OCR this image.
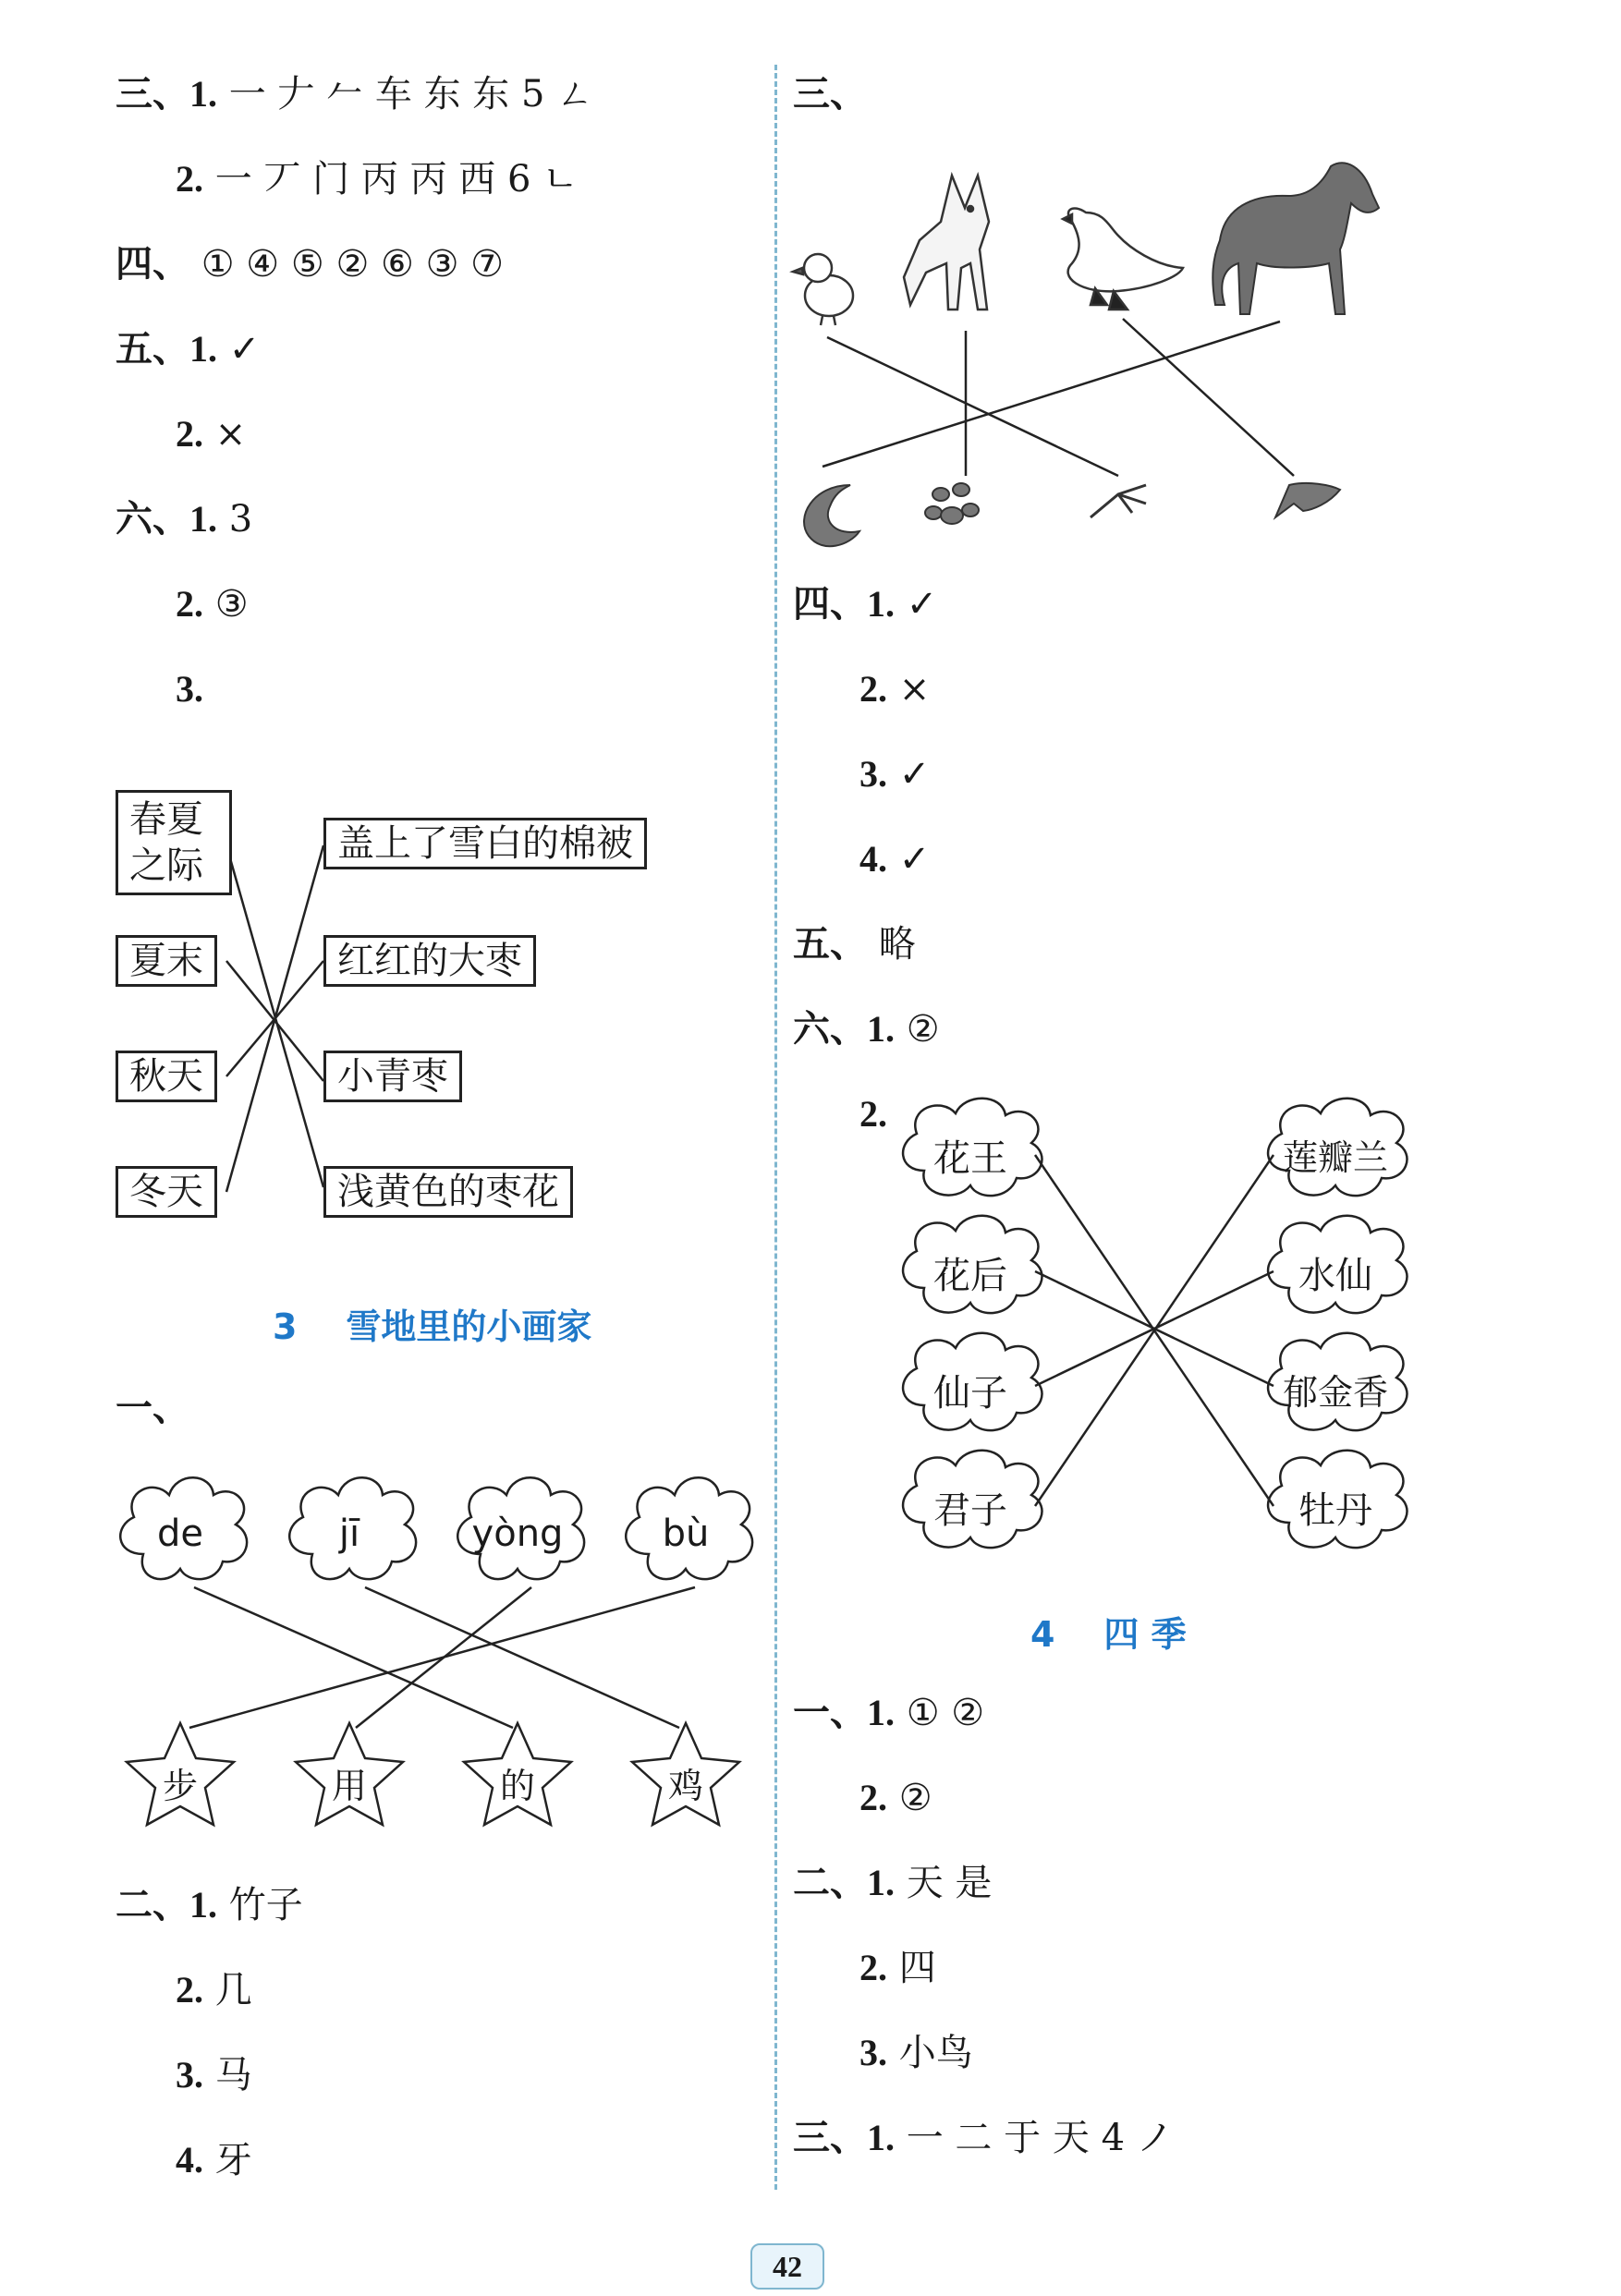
三、1. 一 𠂇 𠂉 车 东 东 5 ㄥ
2. 一 丆 门 丙 丙 西 6 ㄴ
四、 ① ④ ⑤ ② ⑥ ③ ⑦
五、1. ✓
2. ×
六、1. 3
2. ③
3.
春夏
之际
夏末
秋天
冬天
盖上了雪白的棉被
红红的大枣
小青枣
浅黄色的枣花
3 雪地里的小画家
一、
de	jī	yòng	bù
步	用	的	鸡
二、1. 竹子
2. 几
3. 马
4. 牙
三、
四、1. ✓
2. ×
3. ✓
4. ✓
五、 略
六、1. ②
2.
花王
花后
仙子
君子
莲瓣兰
水仙
郁金香
牡丹
4 四 季
一、1. ① ②
2. ②
二、1. 天 是
2. 四
3. 小鸟
三、1. 一 二 于 天 4 ノ
42
